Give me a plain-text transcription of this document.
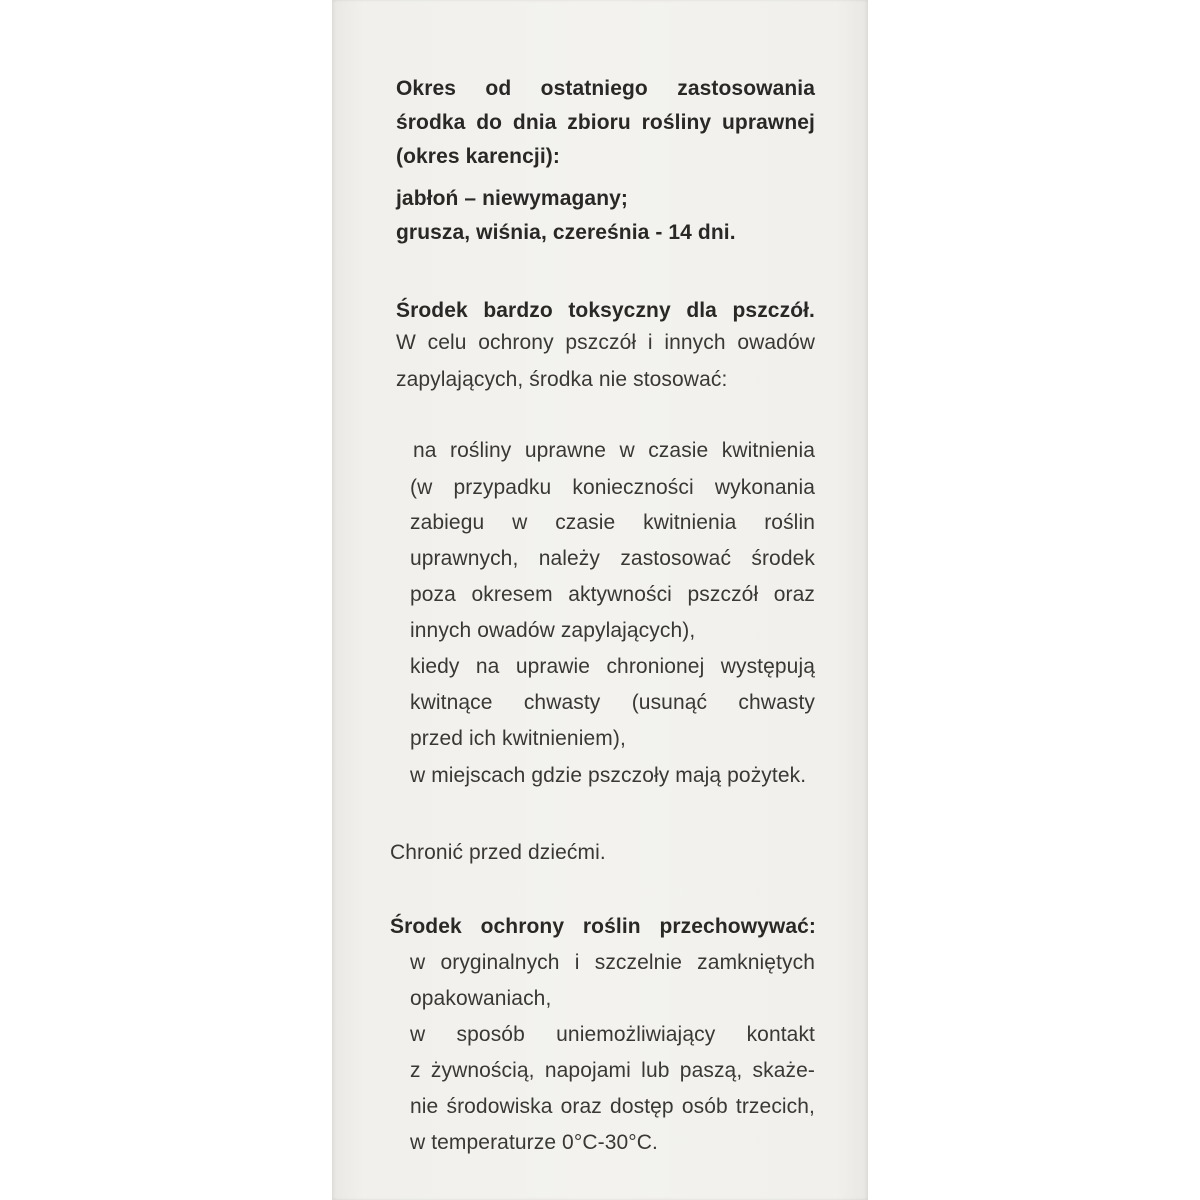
Okres od ostatniego zastosowania
środka do dnia zbioru rośliny uprawnej
(okres karencji):
jabłoń – niewymagany;
grusza, wiśnia, czereśnia - 14 dni.
Środek bardzo toksyczny dla pszczół.
W celu ochrony pszczół i innych owadów
zapylających, środka nie stosować:
na rośliny uprawne w czasie kwitnienia
(w przypadku konieczności wykonania
zabiegu w czasie kwitnienia roślin
uprawnych, należy zastosować środek
poza okresem aktywności pszczół oraz
innych owadów zapylających),
kiedy na uprawie chronionej występują
kwitnące chwasty (usunąć chwasty
przed ich kwitnieniem),
w miejscach gdzie pszczoły mają pożytek.
Chronić przed dziećmi.
Środek ochrony roślin przechowywać:
w oryginalnych i szczelnie zamkniętych
opakowaniach,
w sposób uniemożliwiający kontakt
z żywnością, napojami lub paszą, skaże-
nie środowiska oraz dostęp osób trzecich,
w temperaturze 0°C-30°C.
